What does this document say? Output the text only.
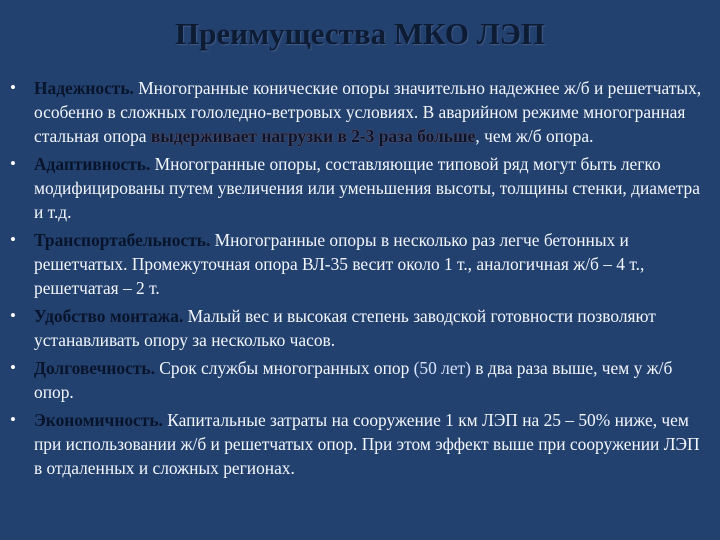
Преимущества МКО ЛЭП
• Надежность. Многогранные конические опоры значительно надежнее ж/б и решетчатых, особенно в сложных гололедно-ветровых условиях. В аварийном режиме многогранная стальная опора выдерживает нагрузки в 2-3 раза больше, чем ж/б опора.
• Адаптивность. Многогранные опоры, составляющие типовой ряд могут быть легко модифицированы путем увеличения или уменьшения высоты, толщины стенки, диаметра и т.д.
• Транспортабельность. Многогранные опоры в несколько раз легче бетонных и решетчатых. Промежуточная опора ВЛ-35 весит около 1 т., аналогичная ж/б – 4 т., решетчатая – 2 т.
• Удобство монтажа. Малый вес и высокая степень заводской готовности позволяют устанавливать опору за несколько часов.
• Долговечность. Срок службы многогранных опор (50 лет) в два раза выше, чем у ж/б опор.
• Экономичность. Капитальные затраты на сооружение 1 км ЛЭП на 25 – 50% ниже, чем при использовании ж/б и решетчатых опор. При этом эффект выше при сооружении ЛЭП в отдаленных и сложных регионах.
